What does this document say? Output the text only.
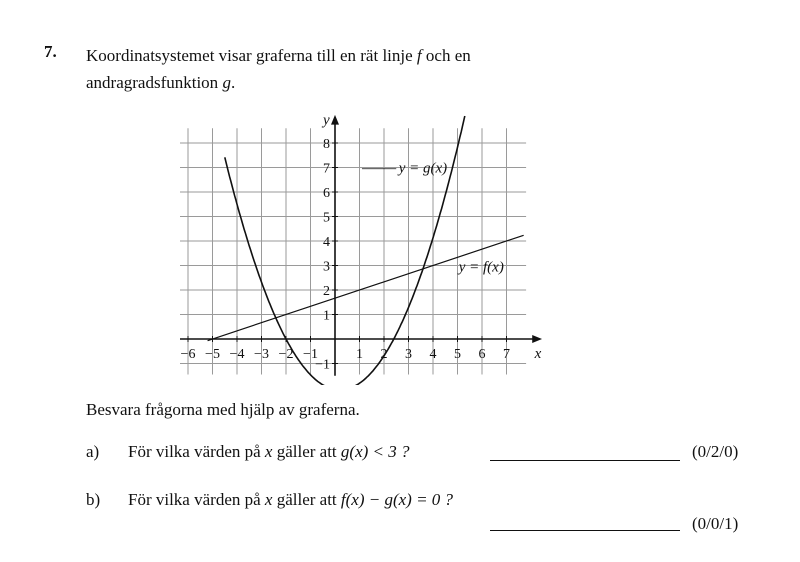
7. Koordinatsystemet visar graferna till en rät linje f och en
andragradsfunktion g.
−6 −5 −4 −3 −2 −1	1 2 3 4 5 6 7
−1
1
2
3
4
5
6
7
8
x
y
y = g(x)
y = f(x)
Besvara frågorna med hjälp av graferna.
a) För vilka värden på x gäller att g(x) < 3 ?	(0/2/0)
b) För vilka värden på x gäller att f(x) − g(x) = 0 ?
(0/0/1)
